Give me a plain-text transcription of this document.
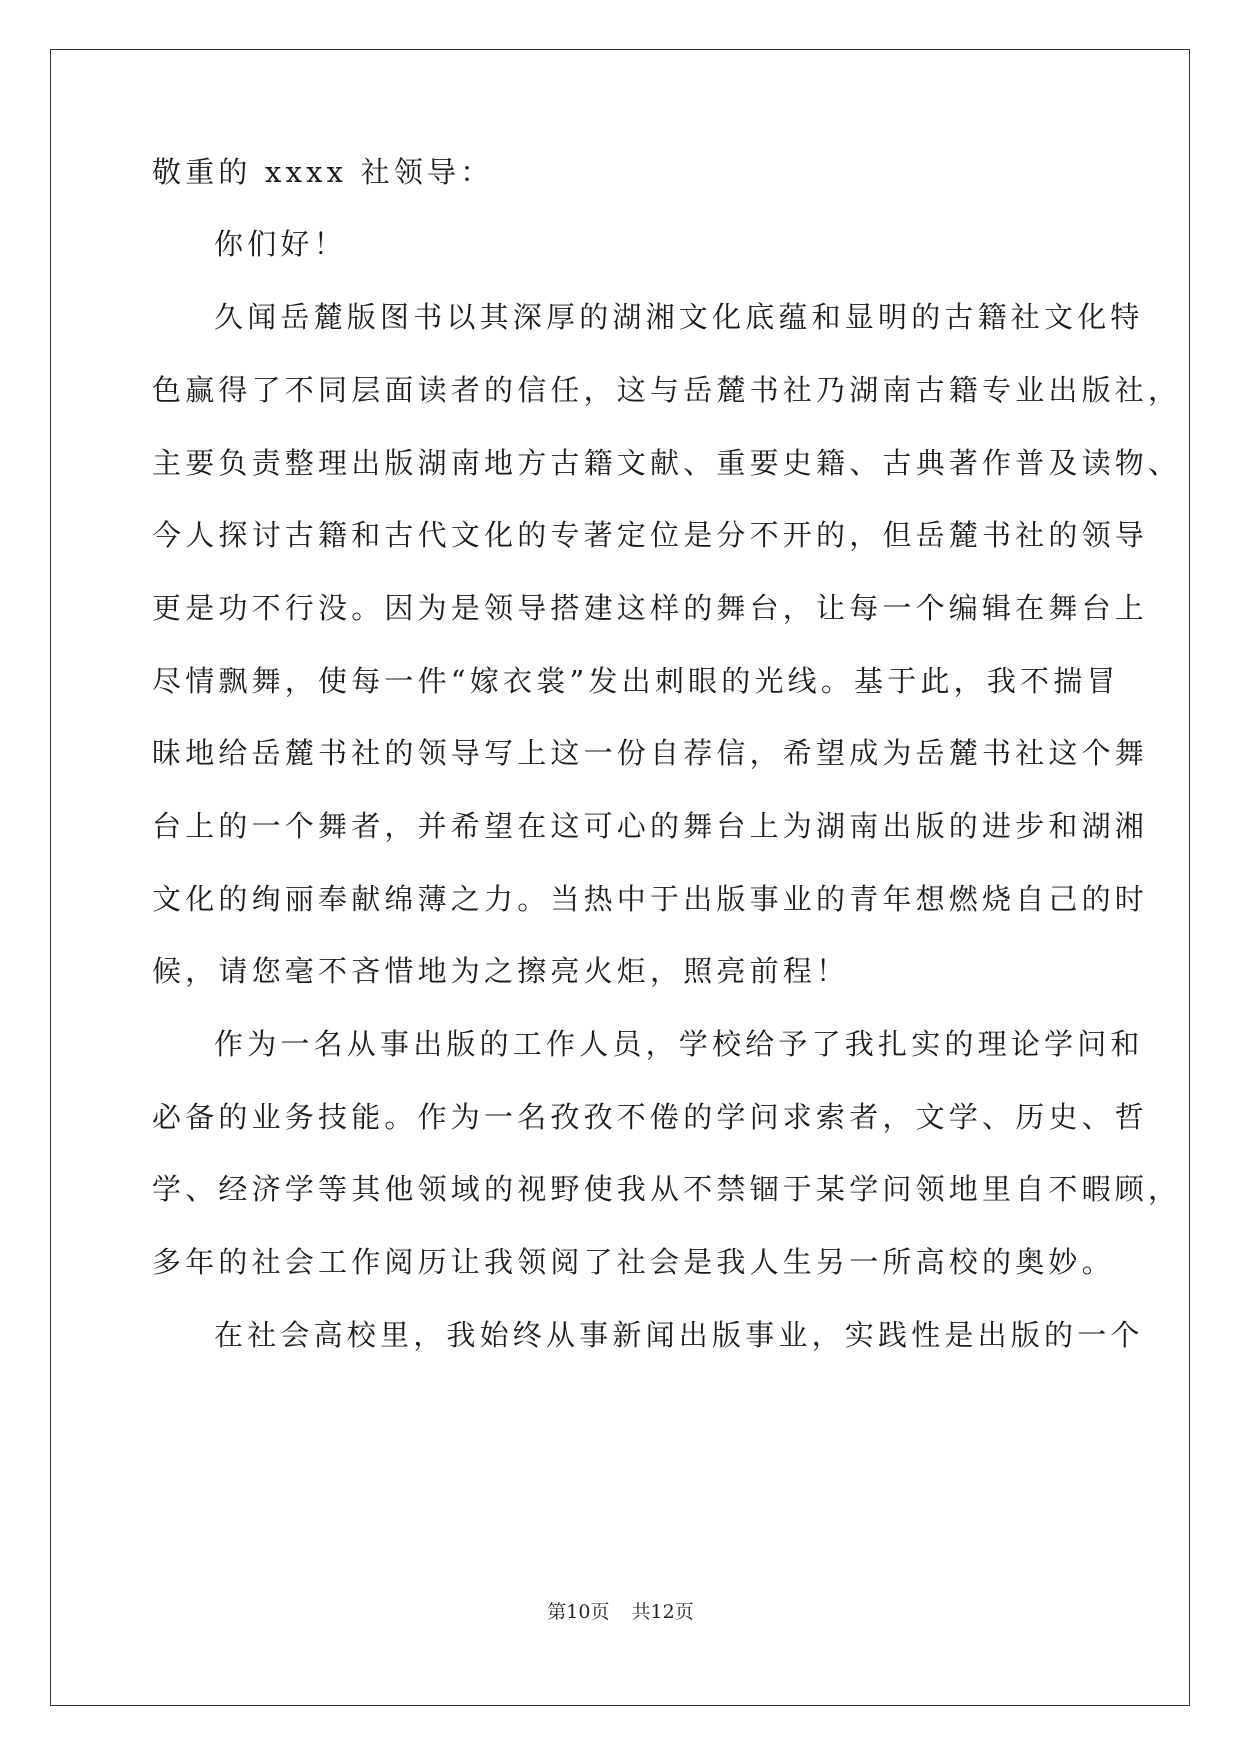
敬重的 xxxx 社领导：
你们好！
久闻岳麓版图书以其深厚的湖湘文化底蕴和显明的古籍社文化特
色赢得了不同层面读者的信任，这与岳麓书社乃湖南古籍专业出版社，
主要负责整理出版湖南地方古籍文献、重要史籍、古典著作普及读物、
今人探讨古籍和古代文化的专著定位是分不开的，但岳麓书社的领导
更是功不行没。因为是领导搭建这样的舞台，让每一个编辑在舞台上
尽情飘舞，使每一件“嫁衣裳”发出刺眼的光线。基于此，我不揣冒
昧地给岳麓书社的领导写上这一份自荐信，希望成为岳麓书社这个舞
台上的一个舞者，并希望在这可心的舞台上为湖南出版的进步和湖湘
文化的绚丽奉献绵薄之力。当热中于出版事业的青年想燃烧自己的时
候，请您毫不吝惜地为之擦亮火炬，照亮前程！
作为一名从事出版的工作人员，学校给予了我扎实的理论学问和
必备的业务技能。作为一名孜孜不倦的学问求索者，文学、历史、哲
学、经济学等其他领域的视野使我从不禁锢于某学问领地里自不暇顾，
多年的社会工作阅历让我领阅了社会是我人生另一所高校的奥妙。
在社会高校里，我始终从事新闻出版事业，实践性是出版的一个
第10页 共12页
